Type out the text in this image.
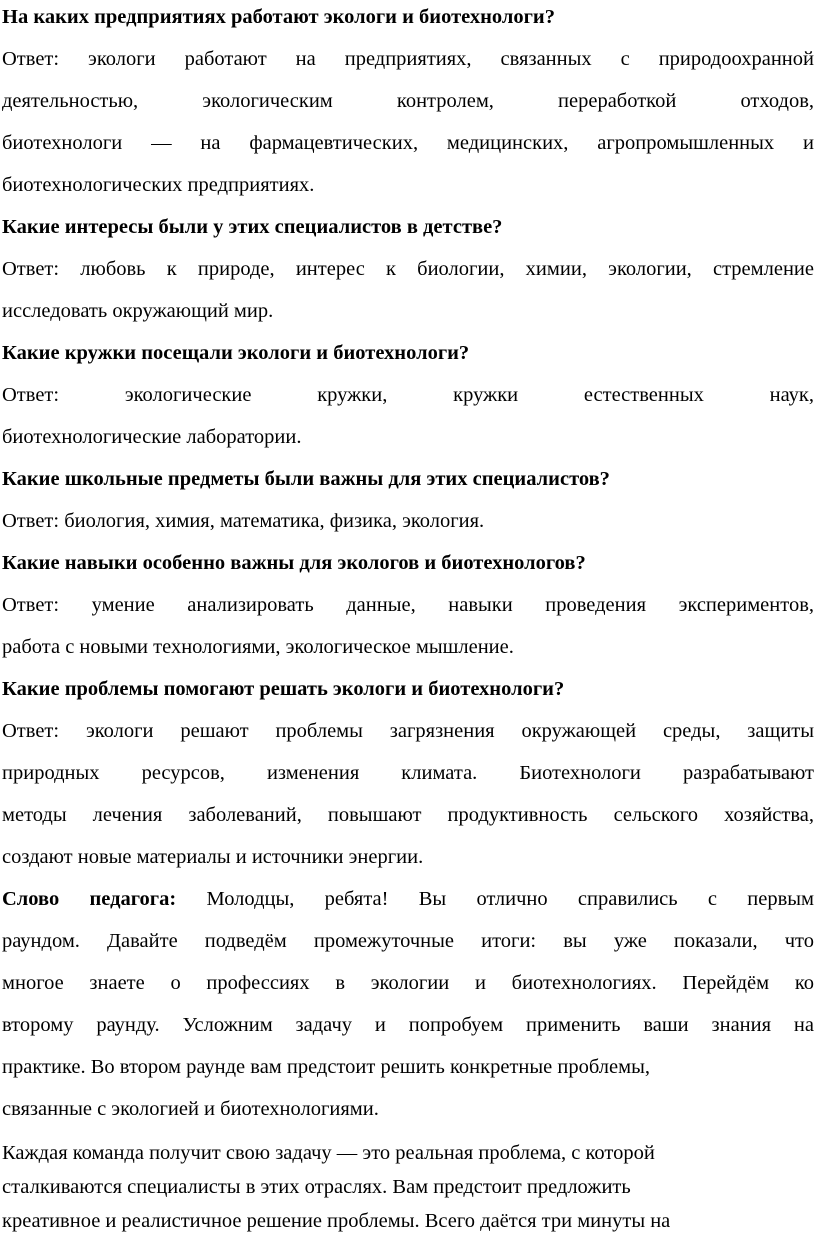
На каких предприятиях работают экологи и биотехнологи?
Ответ: экологи работают на предприятиях, связанных с природоохранной
деятельностью, экологическим контролем, переработкой отходов,
биотехнологи — на фармацевтических, медицинских, агропромышленных и
биотехнологических предприятиях.
Какие интересы были у этих специалистов в детстве?
Ответ: любовь к природе, интерес к биологии, химии, экологии, стремление
исследовать окружающий мир.
Какие кружки посещали экологи и биотехнологи?
Ответ: экологические кружки, кружки естественных наук,
биотехнологические лаборатории.
Какие школьные предметы были важны для этих специалистов?
Ответ: биология, химия, математика, физика, экология.
Какие навыки особенно важны для экологов и биотехнологов?
Ответ: умение анализировать данные, навыки проведения экспериментов,
работа с новыми технологиями, экологическое мышление.
Какие проблемы помогают решать экологи и биотехнологи?
Ответ: экологи решают проблемы загрязнения окружающей среды, защиты
природных ресурсов, изменения климата. Биотехнологи разрабатывают
методы лечения заболеваний, повышают продуктивность сельского хозяйства,
создают новые материалы и источники энергии.
Слово педагога: Молодцы, ребята! Вы отлично справились с первым
раундом. Давайте подведём промежуточные итоги: вы уже показали, что
многое знаете о профессиях в экологии и биотехнологиях. Перейдём ко
второму раунду. Усложним задачу и попробуем применить ваши знания на
практике. Во втором раунде вам предстоит решить конкретные проблемы,
связанные с экологией и биотехнологиями.
Каждая команда получит свою задачу — это реальная проблема, с которой
сталкиваются специалисты в этих отраслях. Вам предстоит предложить
креативное и реалистичное решение проблемы. Всего даётся три минуты на
